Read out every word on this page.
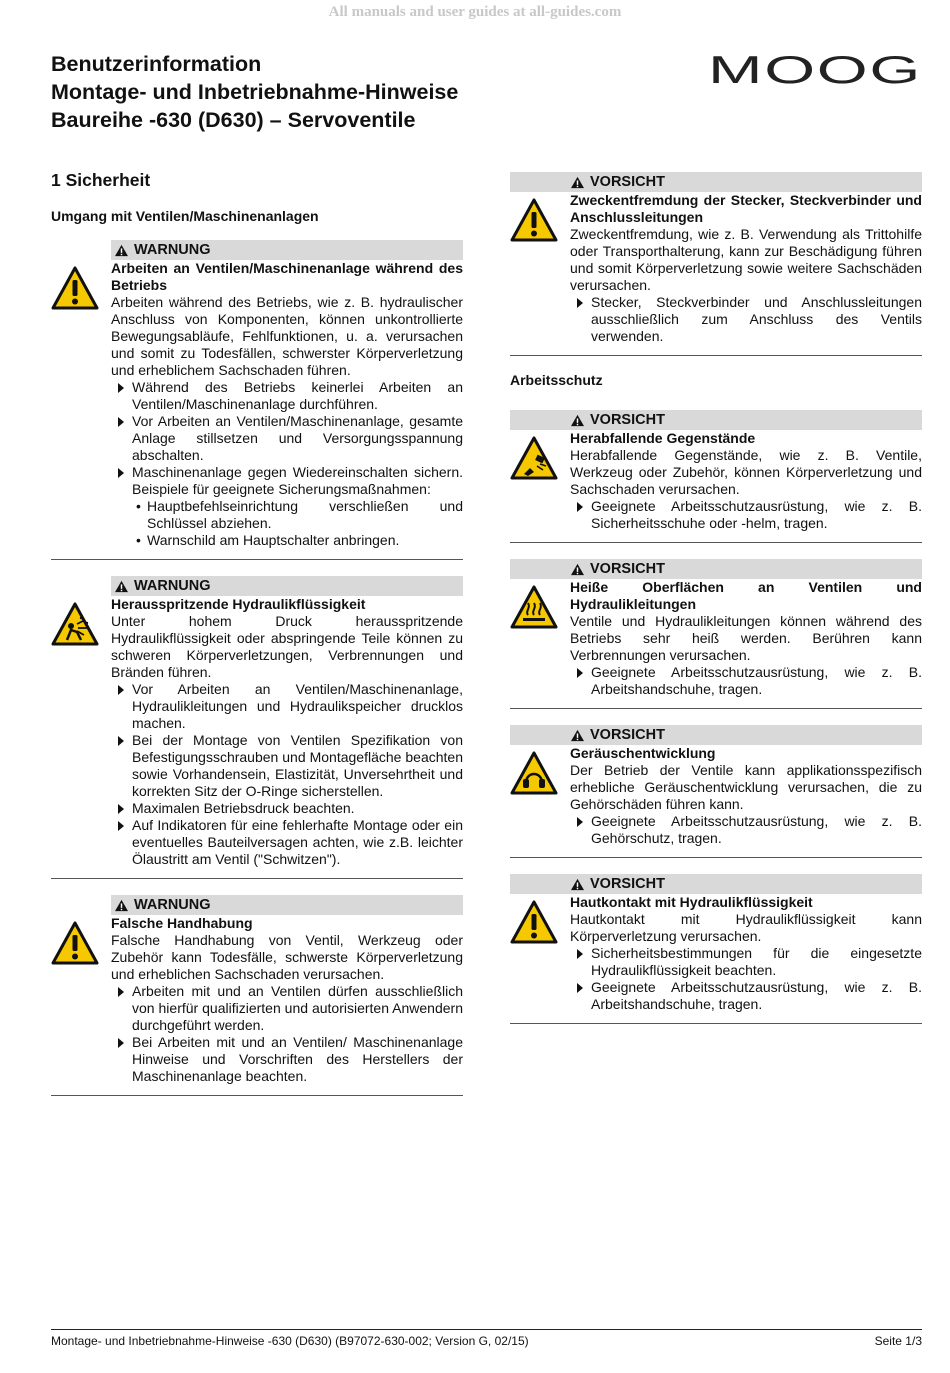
All manuals and user guides at all-guides.com
Benutzerinformation
Montage- und Inbetriebnahme-Hinweise
Baureihe -630 (D630) – Servoventile
MOOG
1 Sicherheit
Umgang mit Ventilen/Maschinenanlagen
WARNUNG
Arbeiten an Ventilen/Maschinenanlage während des Betriebs
Arbeiten während des Betriebs, wie z. B. hydraulischer Anschluss von Komponenten, können unkontrollierte Bewegungsabläufe, Fehlfunktionen, u. a. verursachen und somit zu Todesfällen, schwerster Körperverletzung und erheblichem Sachschaden führen.
Während des Betriebs keinerlei Arbeiten an Ventilen/Maschinenanlage durchführen.
Vor Arbeiten an Ventilen/Maschinenanlage, gesamte Anlage stillsetzen und Versorgungsspannung abschalten.
Maschinenanlage gegen Wiedereinschalten sichern. Beispiele für geeignete Sicherungsmaßnahmen:
• Hauptbefehlseinrichtung verschließen und Schlüssel abziehen.
• Warnschild am Hauptschalter anbringen.
WARNUNG
Herausspritzende Hydraulikflüssigkeit
Unter hohem Druck herausspritzende Hydraulikflüssigkeit oder abspringende Teile können zu schweren Körperverletzungen, Verbrennungen und Bränden führen.
Vor Arbeiten an Ventilen/Maschinenanlage, Hydraulikleitungen und Hydraulikspeicher drucklos machen.
Bei der Montage von Ventilen Spezifikation von Befestigungsschrauben und Montagefläche beachten sowie Vorhandensein, Elastizität, Unversehrtheit und korrekten Sitz der O-Ringe sicherstellen.
Maximalen Betriebsdruck beachten.
Auf Indikatoren für eine fehlerhafte Montage oder ein eventuelles Bauteilversagen achten, wie z.B. leichter Ölaustritt am Ventil ("Schwitzen").
WARNUNG
Falsche Handhabung
Falsche Handhabung von Ventil, Werkzeug oder Zubehör kann Todesfälle, schwerste Körperverletzung und erheblichen Sachschaden verursachen.
Arbeiten mit und an Ventilen dürfen ausschließlich von hierfür qualifizierten und autorisierten Anwendern durchgeführt werden.
Bei Arbeiten mit und an Ventilen/ Maschinenanlage Hinweise und Vorschriften des Herstellers der Maschinenanlage beachten.
VORSICHT
Zweckentfremdung der Stecker, Steckverbinder und Anschlussleitungen
Zweckentfremdung, wie z. B. Verwendung als Trittohilfe oder Transporthalterung, kann zur Beschädigung führen und somit Körperverletzung sowie weitere Sachschäden verursachen.
Stecker, Steckverbinder und Anschlussleitungen ausschließlich zum Anschluss des Ventils verwenden.
Arbeitsschutz
VORSICHT
Herabfallende Gegenstände
Herabfallende Gegenstände, wie z. B. Ventile, Werkzeug oder Zubehör, können Körperverletzung und Sachschaden verursachen.
Geeignete Arbeitsschutzausrüstung, wie z. B. Sicherheitsschuhe oder -helm, tragen.
VORSICHT
Heiße Oberflächen an Ventilen und Hydraulikleitungen
Ventile und Hydraulikleitungen können während des Betriebs sehr heiß werden. Berühren kann Verbrennungen verursachen.
Geeignete Arbeitsschutzausrüstung, wie z. B. Arbeitshandschuhe, tragen.
VORSICHT
Geräuschentwicklung
Der Betrieb der Ventile kann applikationsspezifisch erhebliche Geräuschentwicklung verursachen, die zu Gehörschäden führen kann.
Geeignete Arbeitsschutzausrüstung, wie z. B. Gehörschutz, tragen.
VORSICHT
Hautkontakt mit Hydraulikflüssigkeit
Hautkontakt mit Hydraulikflüssigkeit kann Körperverletzung verursachen.
Sicherheitsbestimmungen für die eingesetzte Hydraulikflüssigkeit beachten.
Geeignete Arbeitsschutzausrüstung, wie z. B. Arbeitshandschuhe, tragen.
Montage- und Inbetriebnahme-Hinweise -630 (D630) (B97072-630-002; Version G, 02/15)	Seite 1/3
